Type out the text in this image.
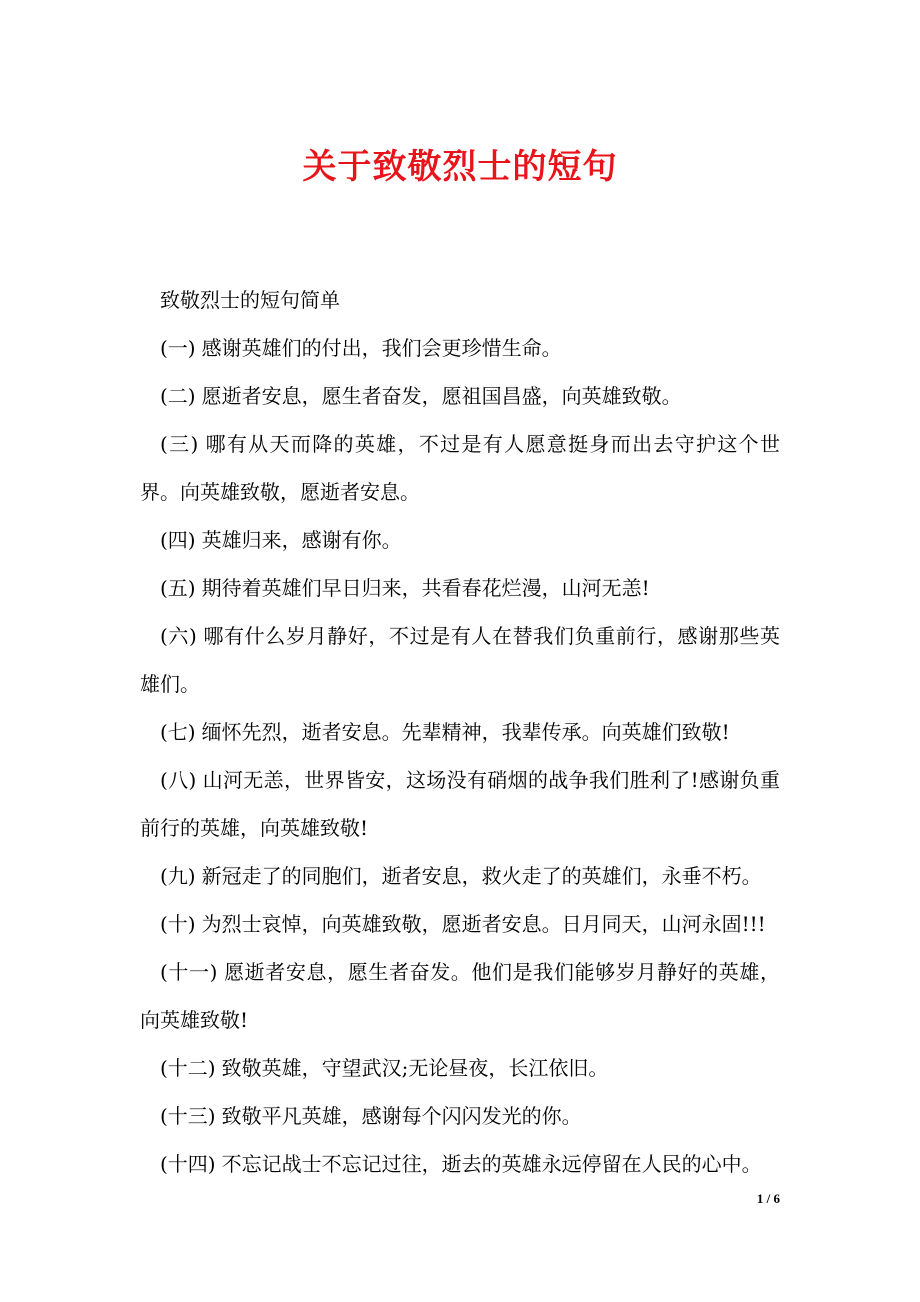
关于致敬烈士的短句

致敬烈士的短句简单

(一) 感谢英雄们的付出，我们会更珍惜生命。

(二) 愿逝者安息，愿生者奋发，愿祖国昌盛，向英雄致敬。

(三) 哪有从天而降的英雄，不过是有人愿意挺身而出去守护这个世界。向英雄致敬，愿逝者安息。

(四) 英雄归来，感谢有你。

(五) 期待着英雄们早日归来，共看春花烂漫，山河无恙!

(六) 哪有什么岁月静好，不过是有人在替我们负重前行，感谢那些英雄们。

(七) 缅怀先烈，逝者安息。先辈精神，我辈传承。向英雄们致敬!

(八) 山河无恙，世界皆安，这场没有硝烟的战争我们胜利了!感谢负重前行的英雄，向英雄致敬!

(九) 新冠走了的同胞们，逝者安息，救火走了的英雄们，永垂不朽。

(十) 为烈士哀悼，向英雄致敬，愿逝者安息。日月同天，山河永固!!!

(十一) 愿逝者安息，愿生者奋发。他们是我们能够岁月静好的英雄，向英雄致敬!

(十二) 致敬英雄，守望武汉;无论昼夜，长江依旧。

(十三) 致敬平凡英雄，感谢每个闪闪发光的你。

(十四) 不忘记战士不忘记过往，逝去的英雄永远停留在人民的心中。

1 / 6
